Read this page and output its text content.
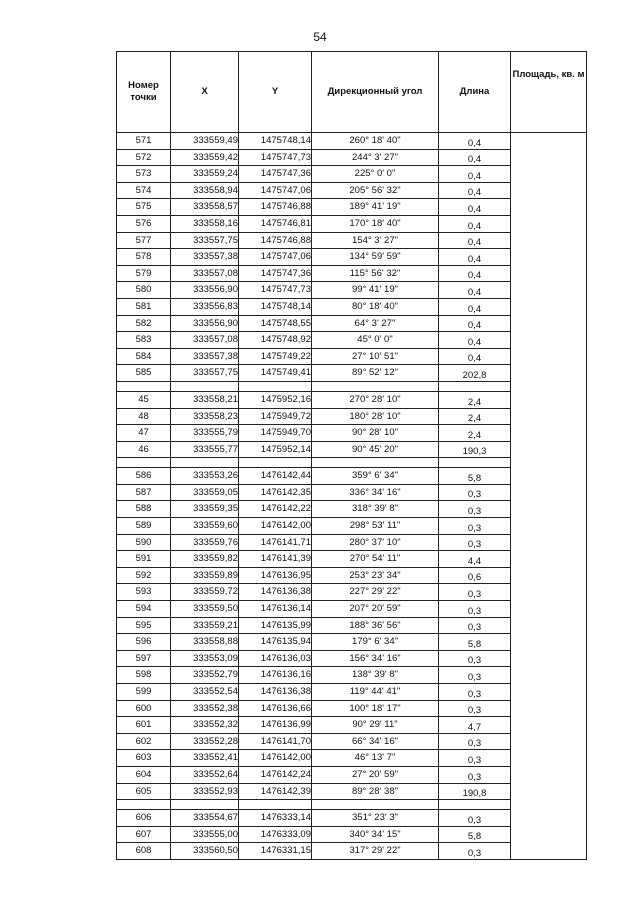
54
Номер точки	X	Y	Дирекционный угол	Длина	Площадь, кв. м
571	333559,49	1475748,14	260° 18' 40"	0,4	
572	333559,42	1475747,73	244° 3' 27"	0,4	
573	333559,24	1475747,36	225° 0' 0"	0,4	
574	333558,94	1475747,06	205° 56' 32"	0,4	
575	333558,57	1475746,88	189° 41' 19"	0,4	
576	333558,16	1475746,81	170° 18' 40"	0,4	
577	333557,75	1475746,88	154° 3' 27"	0,4	
578	333557,38	1475747,06	134° 59' 59"	0,4	
579	333557,08	1475747,36	115° 56' 32"	0,4	
580	333556,90	1475747,73	99° 41' 19"	0,4	
581	333556,83	1475748,14	80° 18' 40"	0,4	
582	333556,90	1475748,55	64° 3' 27"	0,4	
583	333557,08	1475748,92	45° 0' 0"	0,4	
584	333557,38	1475749,22	27° 10' 51"	0,4	
585	333557,75	1475749,41	89° 52' 12"	202,8	

45	333558,21	1475952,16	270° 28' 10"	2,4	
48	333558,23	1475949,72	180° 28' 10"	2,4	
47	333555,79	1475949,70	90° 28' 10"	2,4	
46	333555,77	1475952,14	90° 45' 20"	190,3	

586	333553,26	1476142,44	359° 6' 34"	5,8	
587	333559,05	1476142,35	336° 34' 16"	0,3	
588	333559,35	1476142,22	318° 39' 8"	0,3	
589	333559,60	1476142,00	298° 53' 11"	0,3	
590	333559,76	1476141,71	280° 37' 10"	0,3	
591	333559,82	1476141,39	270° 54' 11"	4,4	
592	333559,89	1476136,95	253° 23' 34"	0,6	
593	333559,72	1476136,38	227° 29' 22"	0,3	
594	333559,50	1476136,14	207° 20' 59"	0,3	
595	333559,21	1476135,99	188° 36' 56"	0,3	
596	333558,88	1476135,94	179° 6' 34"	5,8	
597	333553,09	1476136,03	156° 34' 16"	0,3	
598	333552,79	1476136,16	138° 39' 8"	0,3	
599	333552,54	1476136,38	119° 44' 41"	0,3	
600	333552,38	1476136,66	100° 18' 17"	0,3	
601	333552,32	1476136,99	90° 29' 11"	4,7	
602	333552,28	1476141,70	66° 34' 16"	0,3	
603	333552,41	1476142,00	46° 13' 7"	0,3	
604	333552,64	1476142,24	27° 20' 59"	0,3	
605	333552,93	1476142,39	89° 28' 38"	190,8	

606	333554,67	1476333,14	351° 23' 3"	0,3	
607	333555,00	1476333,09	340° 34' 15"	5,8	
608	333560,50	1476331,15	317° 29' 22"	0,3	
